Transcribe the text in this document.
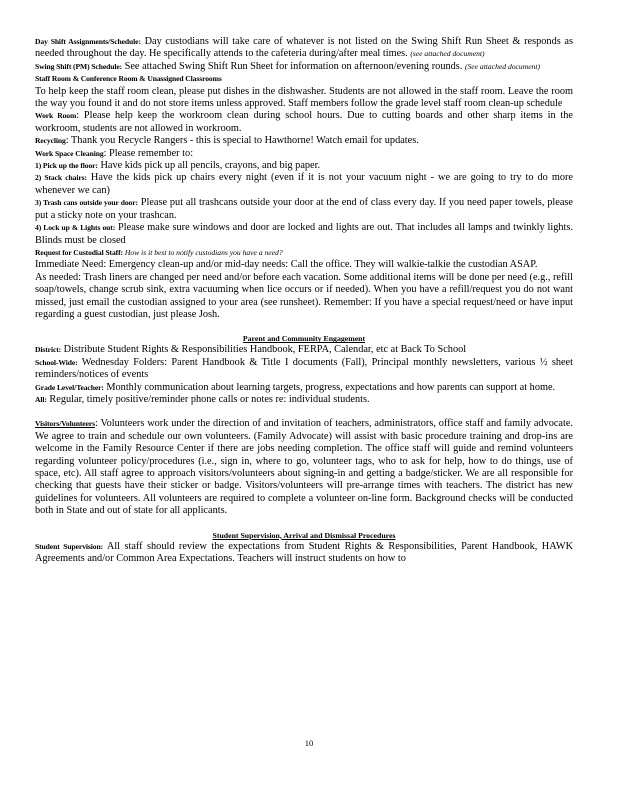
Day Shift Assignments/Schedule: Day custodians will take care of whatever is not listed on the Swing Shift Run Sheet & responds as needed throughout the day. He specifically attends to the cafeteria during/after meal times. (see attached document)

Swing Shift (PM) Schedule: See attached Swing Shift Run Sheet for information on afternoon/evening rounds. (See attached document)

Staff Room & Conference Room & Unassigned Classrooms

To help keep the staff room clean, please put dishes in the dishwasher. Students are not allowed in the staff room. Leave the room the way you found it and do not store items unless approved. Staff members follow the grade level staff room clean-up schedule

Work Room: Please help keep the workroom clean during school hours. Due to cutting boards and other sharp items in the workroom, students are not allowed in workroom.

Recycling: Thank you Recycle Rangers - this is special to Hawthorne! Watch email for updates.

Work Space Cleaning: Please remember to:

1) Pick up the floor: Have kids pick up all pencils, crayons, and big paper.

2) Stack chairs: Have the kids pick up chairs every night (even if it is not your vacuum night - we are going to try to do more whenever we can)

3) Trash cans outside your door: Please put all trashcans outside your door at the end of class every day. If you need paper towels, please put a sticky note on your trashcan.

4) Lock up & Lights out: Please make sure windows and door are locked and lights are out. That includes all lamps and twinkly lights. Blinds must be closed

Request for Custodial Staff: How is it best to notify custodians you have a need?

Immediate Need: Emergency clean-up and/or mid-day needs: Call the office. They will walkie-talkie the custodian ASAP.

As needed: Trash liners are changed per need and/or before each vacation. Some additional items will be done per need (e.g., refill soap/towels, change scrub sink, extra vacuuming when lice occurs or if needed). When you have a refill/request you do not want missed, just email the custodian assigned to your area (see runsheet). Remember: If you have a special request/need or have input regarding a guest custodian, just please Josh.

Parent and Community Engagement

District: Distribute Student Rights & Responsibilities Handbook, FERPA, Calendar, etc at Back To School

School-Wide: Wednesday Folders: Parent Handbook & Title I documents (Fall), Principal monthly newsletters, various ½ sheet reminders/notices of events

Grade Level/Teacher: Monthly communication about learning targets, progress, expectations and how parents can support at home.

All: Regular, timely positive/reminder phone calls or notes re: individual students.

Visitors/Volunteers: Volunteers work under the direction of and invitation of teachers, administrators, office staff and family advocate. We agree to train and schedule our own volunteers. (Family Advocate) will assist with basic procedure training and drop-ins are welcome in the Family Resource Center if there are jobs needing completion. The office staff will guide and remind volunteers regarding volunteer policy/procedures (i.e., sign in, where to go, volunteer tags, who to ask for help, how to do things, use of space, etc). All staff agree to approach visitors/volunteers about signing-in and getting a badge/sticker. We are all responsible for checking that guests have their sticker or badge. Visitors/volunteers will pre-arrange times with teachers. The district has new guidelines for volunteers. All volunteers are required to complete a volunteer on-line form. Background checks will be conducted both in State and out of state for all applicants.

Student Supervision, Arrival and Dismissal Procedures

Student Supervision: All staff should review the expectations from Student Rights & Responsibilities, Parent Handbook, HAWK Agreements and/or Common Area Expectations. Teachers will instruct students on how to

10
